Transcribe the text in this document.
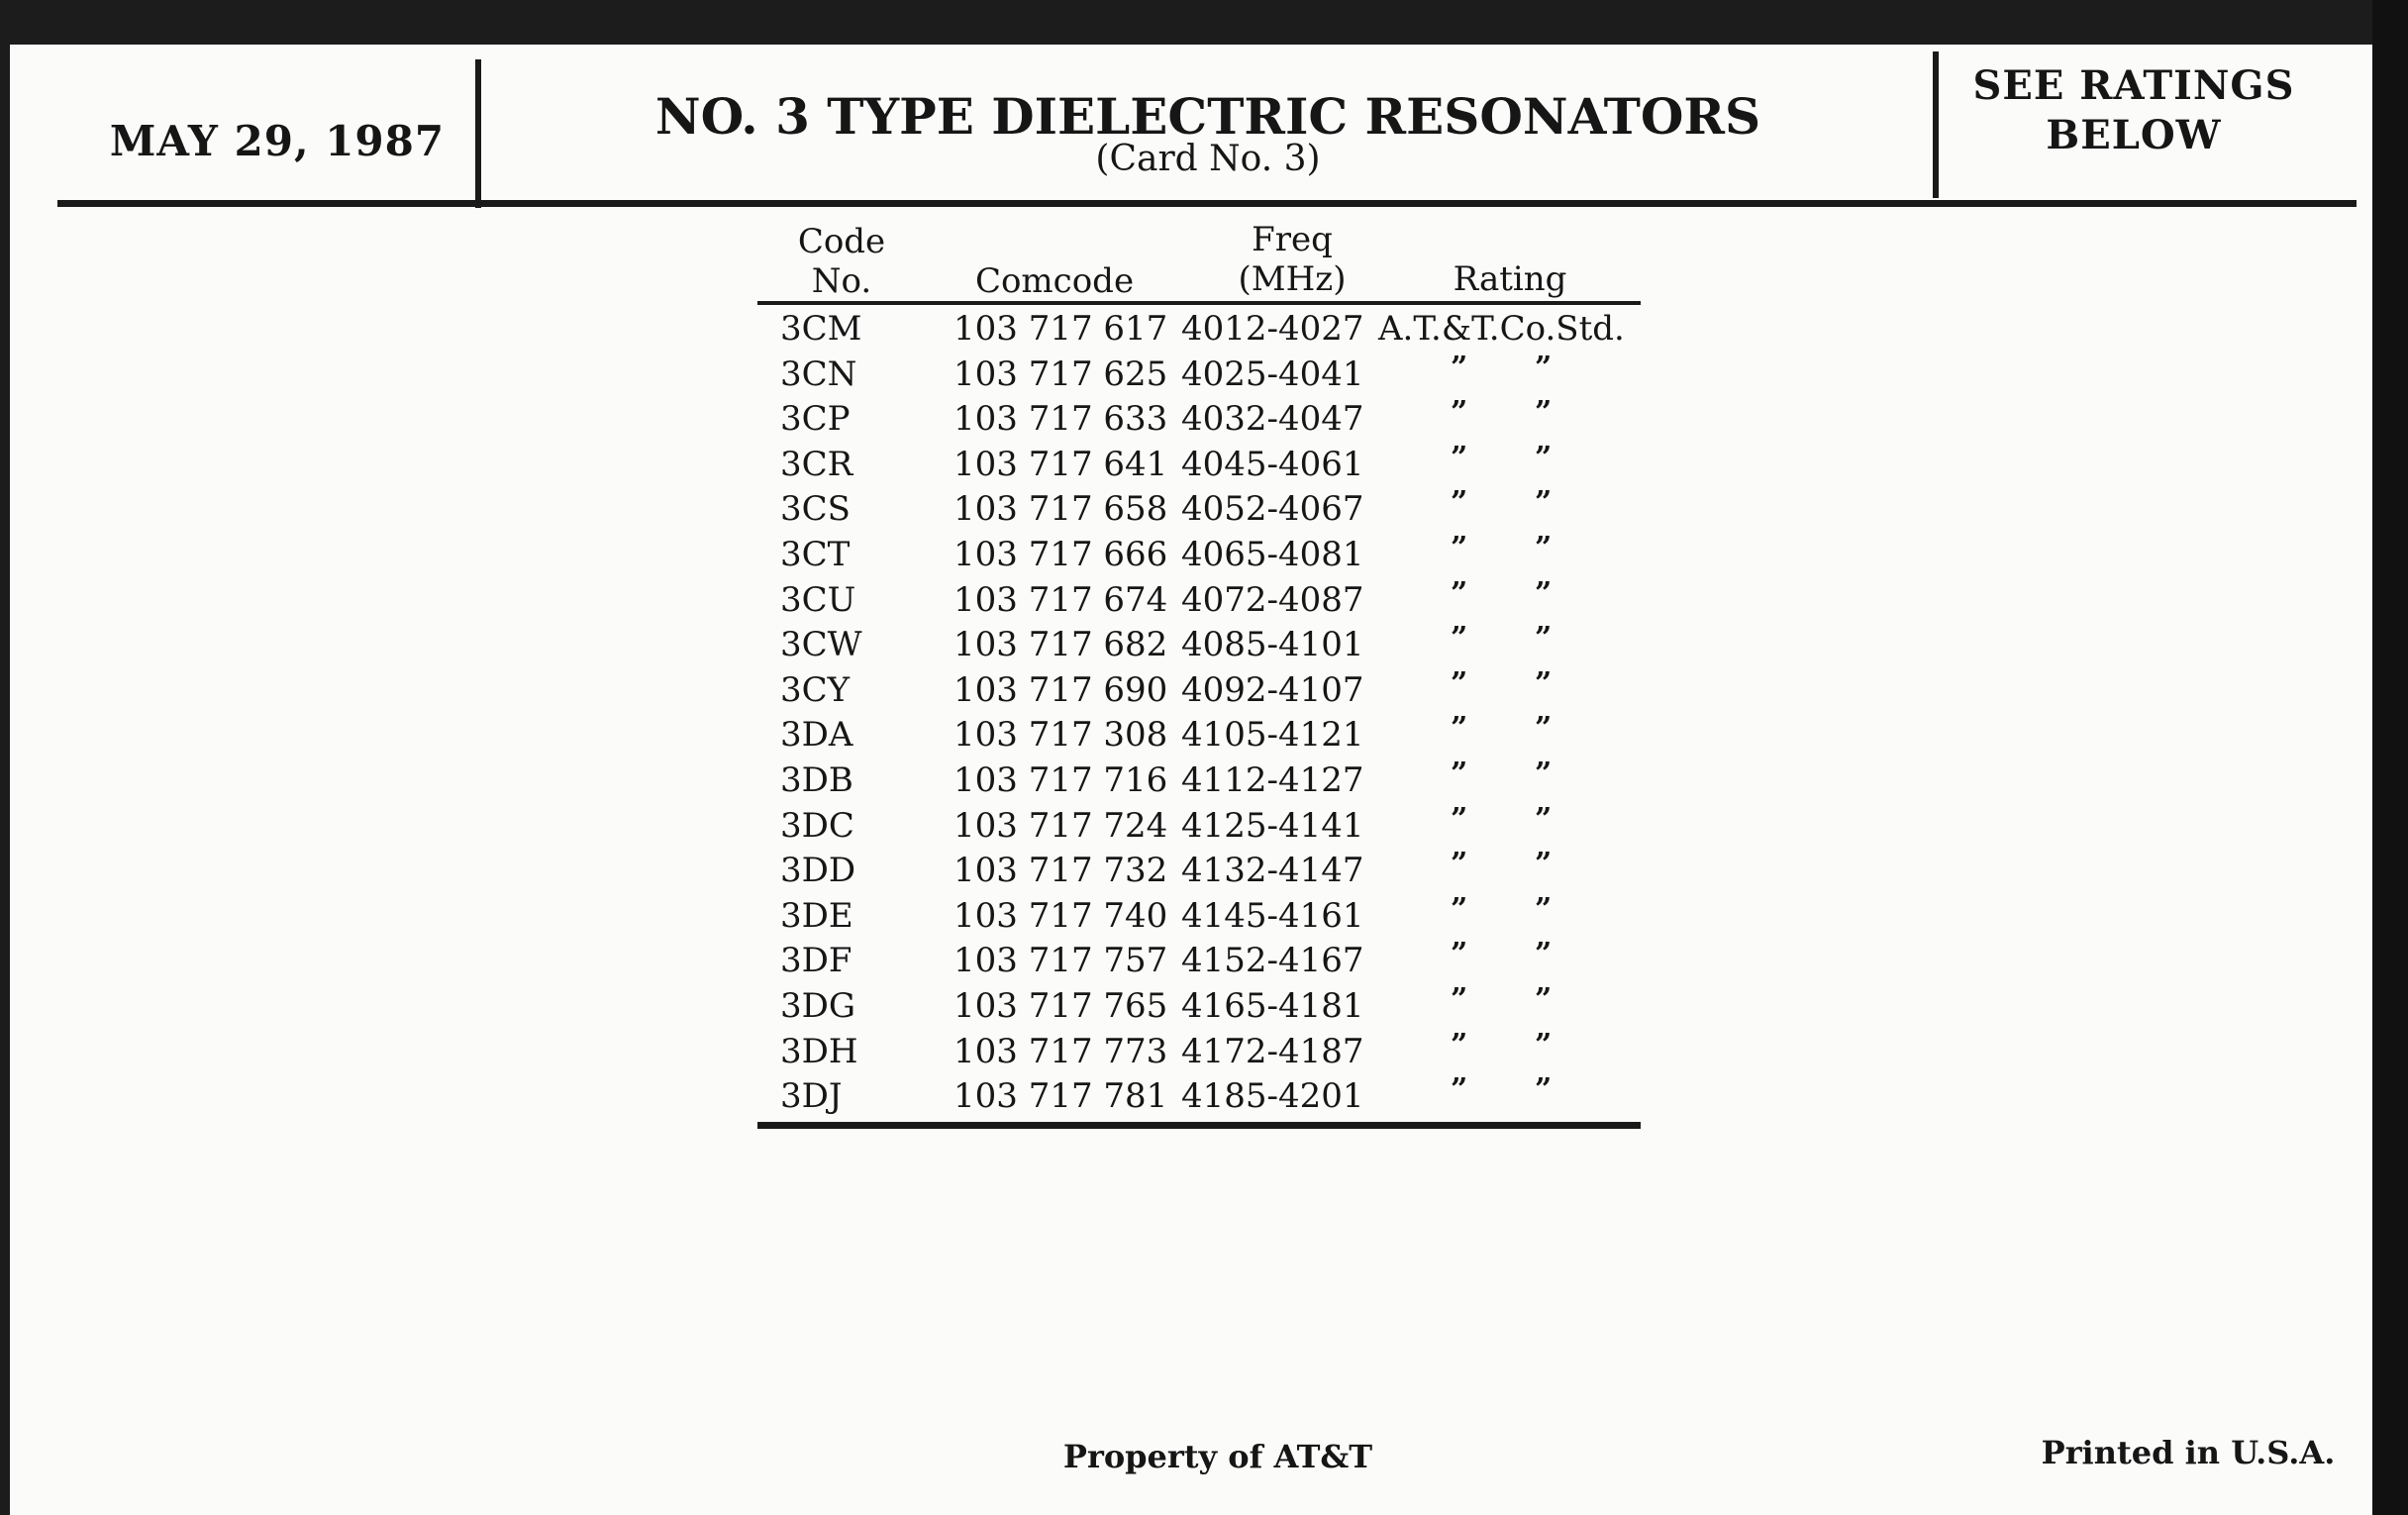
MAY 29, 1987	NO. 3 TYPE DIELECTRIC RESONATORS
(Card No. 3)
SEE RATINGS
BELOW
Code
No.	Comcode
Freq
(MHz)	Rating
3CM	103 717 617 4012-4027 A.T.&T.Co.Std.
3CN	103 717 625 4025-4041	” ”
3CP	103 717 633 4032-4047	” ”
3CR	103 717 641 4045-4061	” ”
3CS	103 717 658 4052-4067	” ”
3CT	103 717 666 4065-4081	” ”
3CU	103 717 674 4072-4087	” ”
3CW	103 717 682 4085-4101	” ”
3CY	103 717 690 4092-4107	” ”
3DA	103 717 308 4105-4121	” ”
3DB	103 717 716 4112-4127	” ”
3DC	103 717 724 4125-4141	” ”
3DD	103 717 732 4132-4147	” ”
3DE	103 717 740 4145-4161	” ”
3DF	103 717 757 4152-4167	” ”
3DG	103 717 765 4165-4181	” ”
3DH	103 717 773 4172-4187	” ”
3DJ	103 717 781 4185-4201	” ”
Property of AT&T	Printed in U.S.A.
